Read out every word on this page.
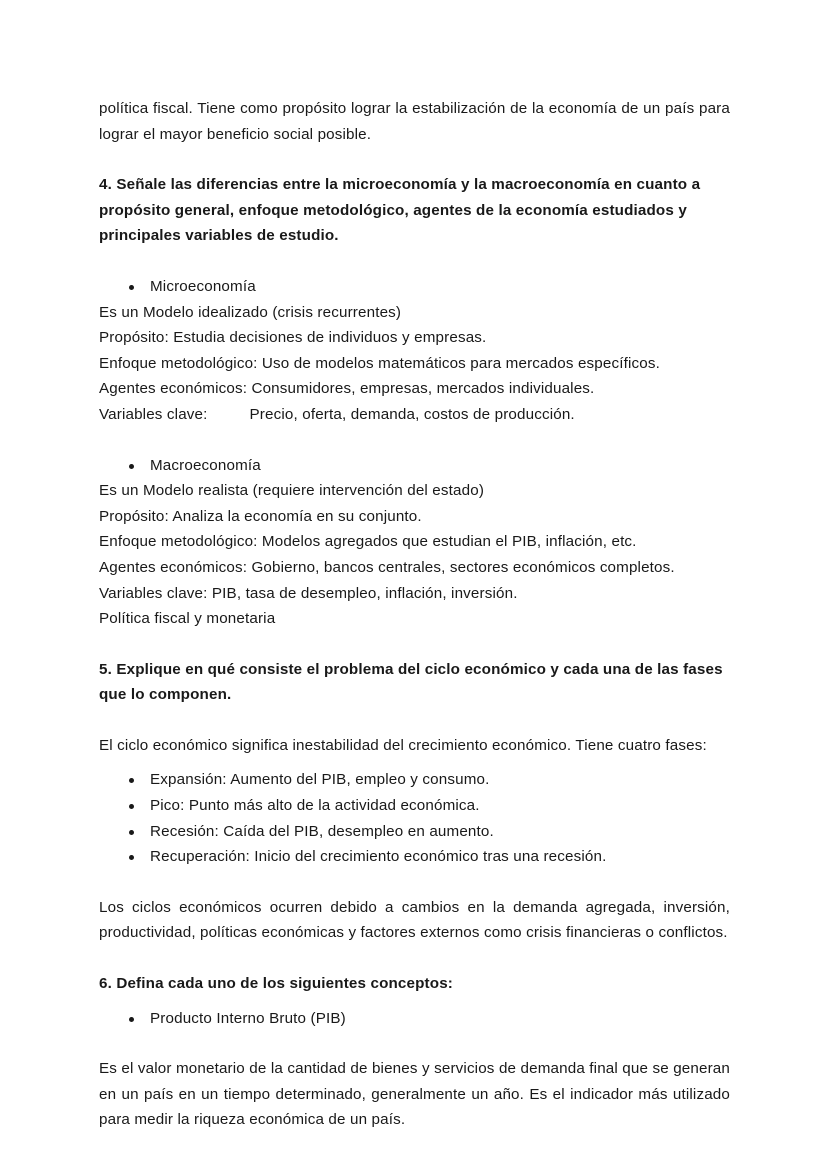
política fiscal. Tiene como propósito lograr la estabilización de la economía de un país para lograr el mayor beneficio social posible.

4. Señale las diferencias entre la microeconomía y la macroeconomía en cuanto a propósito general, enfoque metodológico, agentes de la economía estudiados y principales variables de estudio.

Microeconomía

Es un Modelo idealizado (crisis recurrentes)

Propósito: Estudia decisiones de individuos y empresas.

Enfoque metodológico: Uso de modelos matemáticos para mercados específicos.

Agentes económicos: Consumidores, empresas, mercados individuales.

Variables clave:	Precio, oferta, demanda, costos de producción.

Macroeconomía

Es un Modelo realista (requiere intervención del estado)

Propósito: Analiza la economía en su conjunto.

Enfoque metodológico: Modelos agregados que estudian el PIB, inflación, etc.

Agentes económicos: Gobierno, bancos centrales, sectores económicos completos.

Variables clave: PIB, tasa de desempleo, inflación, inversión.

Política fiscal y monetaria

5. Explique en qué consiste el problema del ciclo económico y cada una de las fases que lo componen.

El ciclo económico significa inestabilidad del crecimiento económico. Tiene cuatro fases:

Expansión: Aumento del PIB, empleo y consumo.
Pico: Punto más alto de la actividad económica.
Recesión: Caída del PIB, desempleo en aumento.
Recuperación: Inicio del crecimiento económico tras una recesión.

Los ciclos económicos ocurren debido a cambios en la demanda agregada, inversión, productividad, políticas económicas y factores externos como crisis financieras o conflictos.

6. Defina cada uno de los siguientes conceptos:

Producto Interno Bruto (PIB)

Es el valor monetario de la cantidad de bienes y servicios de demanda final que se generan en un país en un tiempo determinado, generalmente un año. Es el indicador más utilizado para medir la riqueza económica de un país.
